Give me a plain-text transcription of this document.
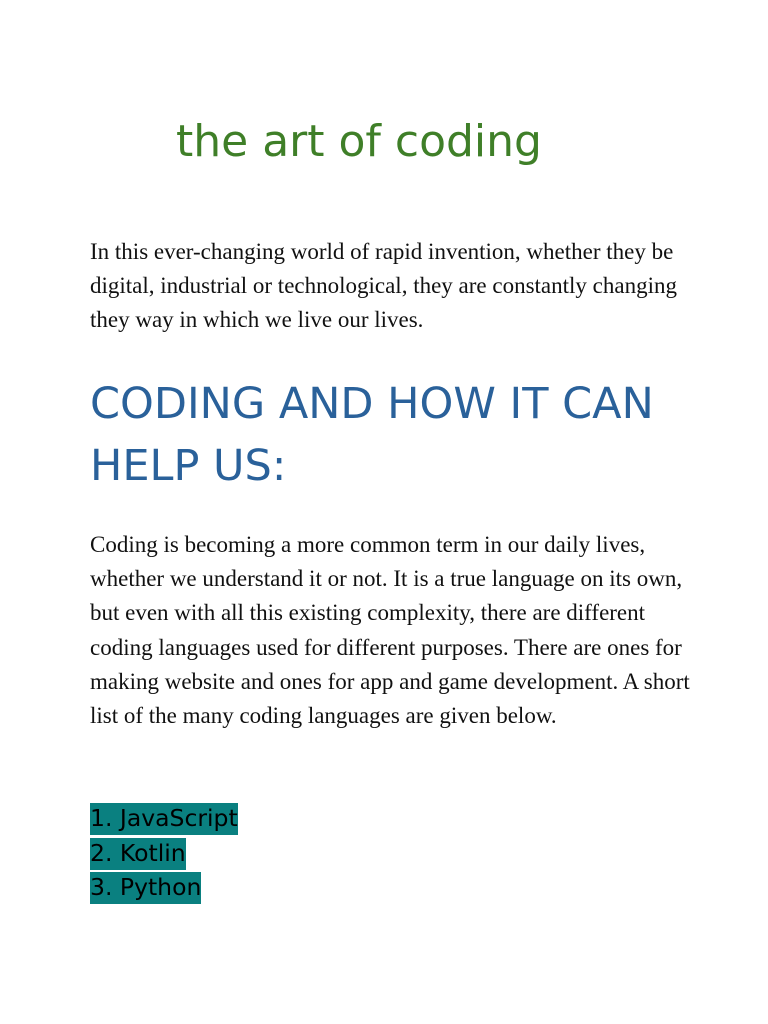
the art of coding

In this ever-changing world of rapid invention, whether they be digital, industrial or technological, they are constantly changing they way in which we live our lives.

CODING AND HOW IT CAN HELP US:

Coding is becoming a more common term in our daily lives, whether we understand it or not. It is a true language on its own, but even with all this existing complexity, there are different coding languages used for different purposes. There are ones for making website and ones for app and game development. A short list of the many coding languages are given below.

1. JavaScript
2. Kotlin
3. Python
